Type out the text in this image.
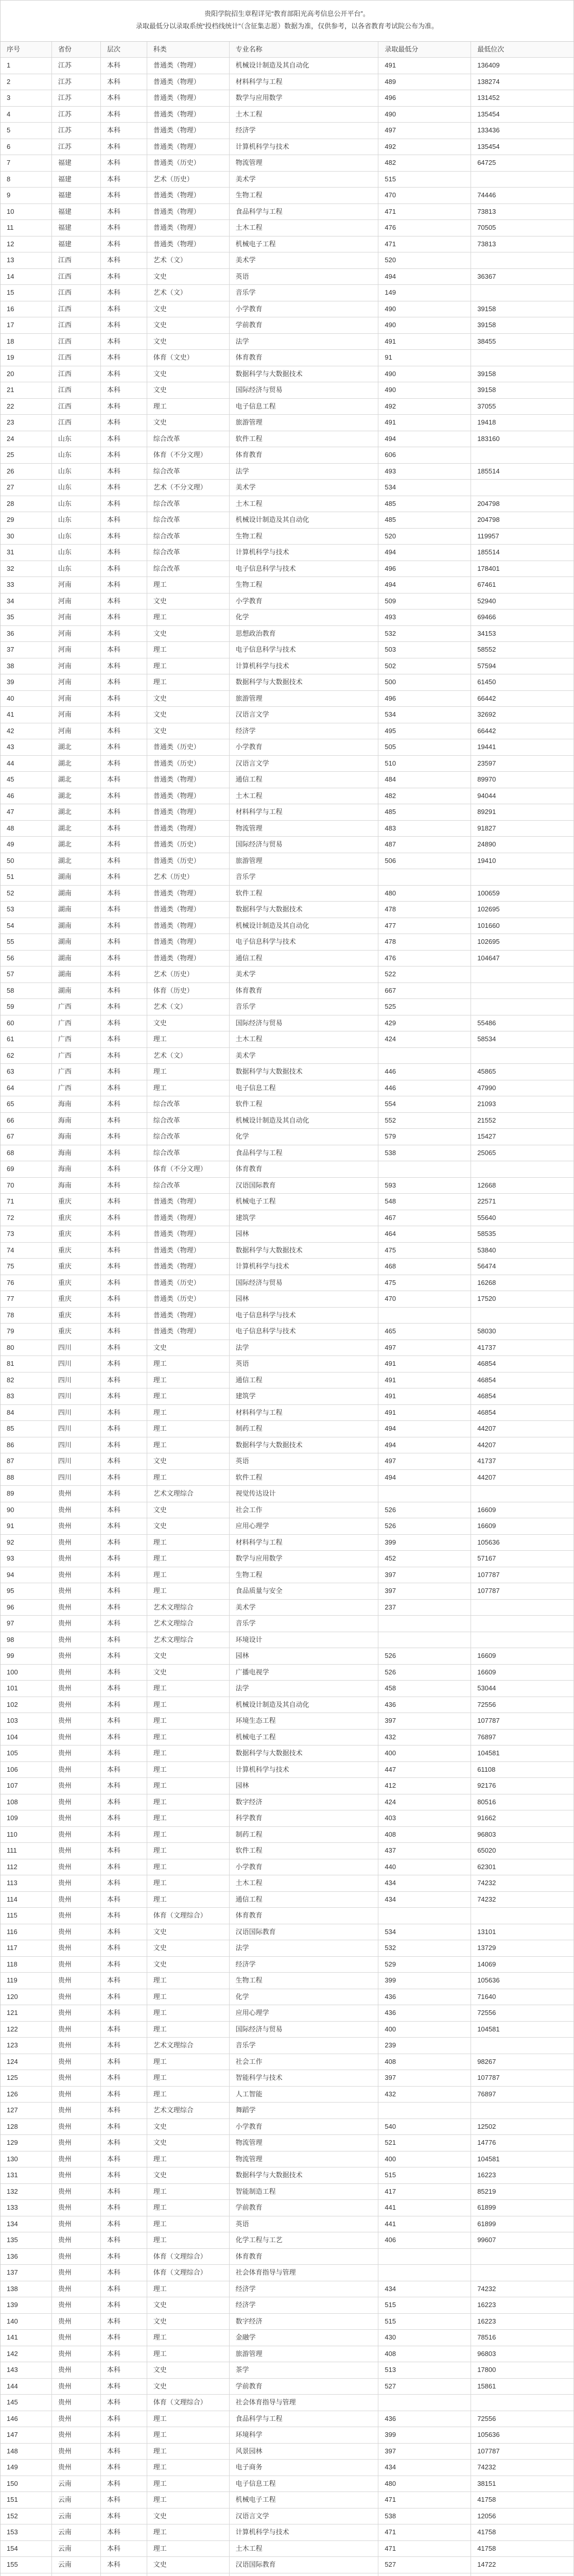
贵阳学院招生章程详见“教育部阳光高考信息公开平台”。
录取最低分以录取系统“投档线统计”（含征集志愿）数据为准，仅供参考，以各省教育考试院公布为准。
序号	省份	层次	科类	专业名称	录取最低分	最低位次
1	江苏	本科	普通类（物理）	机械设计制造及其自动化	491	136409
2	江苏	本科	普通类（物理）	材料科学与工程	489	138274
3	江苏	本科	普通类（物理）	数学与应用数学	496	131452
4	江苏	本科	普通类（物理）	土木工程	490	135454
5	江苏	本科	普通类（物理）	经济学	497	133436
6	江苏	本科	普通类（物理）	计算机科学与技术	492	135454
7	福建	本科	普通类（历史）	物流管理	482	64725
8	福建	本科	艺术（历史）	美术学	515
9	福建	本科	普通类（物理）	生物工程	470	74446
10	福建	本科	普通类（物理）	食品科学与工程	471	73813
11	福建	本科	普通类（物理）	土木工程	476	70505
12	福建	本科	普通类（物理）	机械电子工程	471	73813
13	江西	本科	艺术（文）	美术学	520
14	江西	本科	文史	英语	494	36367
15	江西	本科	艺术（文）	音乐学	149
16	江西	本科	文史	小学教育	490	39158
17	江西	本科	文史	学前教育	490	39158
18	江西	本科	文史	法学	491	38455
19	江西	本科	体育（文史）	体育教育	91
20	江西	本科	文史	数据科学与大数据技术	490	39158
21	江西	本科	文史	国际经济与贸易	490	39158
22	江西	本科	理工	电子信息工程	492	37055
23	江西	本科	文史	旅游管理	491	19418
24	山东	本科	综合改革	软件工程	494	183160
25	山东	本科	体育（不分文理）	体育教育	606
26	山东	本科	综合改革	法学	493	185514
27	山东	本科	艺术（不分文理）	美术学	534
28	山东	本科	综合改革	土木工程	485	204798
29	山东	本科	综合改革	机械设计制造及其自动化	485	204798
30	山东	本科	综合改革	生物工程	520	119957
31	山东	本科	综合改革	计算机科学与技术	494	185514
32	山东	本科	综合改革	电子信息科学与技术	496	178401
33	河南	本科	理工	生物工程	494	67461
34	河南	本科	文史	小学教育	509	52940
35	河南	本科	理工	化学	493	69466
36	河南	本科	文史	思想政治教育	532	34153
37	河南	本科	理工	电子信息科学与技术	503	58552
38	河南	本科	理工	计算机科学与技术	502	57594
39	河南	本科	理工	数据科学与大数据技术	500	61450
40	河南	本科	文史	旅游管理	496	66442
41	河南	本科	文史	汉语言文学	534	32692
42	河南	本科	文史	经济学	495	66442
43	湖北	本科	普通类（历史）	小学教育	505	19441
44	湖北	本科	普通类（历史）	汉语言文学	510	23597
45	湖北	本科	普通类（物理）	通信工程	484	89970
46	湖北	本科	普通类（物理）	土木工程	482	94044
47	湖北	本科	普通类（物理）	材料科学与工程	485	89291
48	湖北	本科	普通类（物理）	物流管理	483	91827
49	湖北	本科	普通类（历史）	国际经济与贸易	487	24890
50	湖北	本科	普通类（历史）	旅游管理	506	19410
51	湖南	本科	艺术（历史）	音乐学
52	湖南	本科	普通类（物理）	软件工程	480	100659
53	湖南	本科	普通类（物理）	数据科学与大数据技术	478	102695
54	湖南	本科	普通类（物理）	机械设计制造及其自动化	477	101660
55	湖南	本科	普通类（物理）	电子信息科学与技术	478	102695
56	湖南	本科	普通类（物理）	通信工程	476	104647
57	湖南	本科	艺术（历史）	美术学	522
58	湖南	本科	体育（历史）	体育教育	667
59	广西	本科	艺术（文）	音乐学	525
60	广西	本科	文史	国际经济与贸易	429	55486
61	广西	本科	理工	土木工程	424	58534
62	广西	本科	艺术（文）	美术学
63	广西	本科	理工	数据科学与大数据技术	446	45865
64	广西	本科	理工	电子信息工程	446	47990
65	海南	本科	综合改革	软件工程	554	21093
66	海南	本科	综合改革	机械设计制造及其自动化	552	21552
67	海南	本科	综合改革	化学	579	15427
68	海南	本科	综合改革	食品科学与工程	538	25065
69	海南	本科	体育（不分文理）	体育教育
70	海南	本科	综合改革	汉语国际教育	593	12668
71	重庆	本科	普通类（物理）	机械电子工程	548	22571
72	重庆	本科	普通类（物理）	建筑学	467	55640
73	重庆	本科	普通类（物理）	园林	464	58535
74	重庆	本科	普通类（物理）	数据科学与大数据技术	475	53840
75	重庆	本科	普通类（物理）	计算机科学与技术	468	56474
76	重庆	本科	普通类（历史）	国际经济与贸易	475	16268
77	重庆	本科	普通类（历史）	园林	470	17520
78	重庆	本科	普通类（物理）	电子信息科学与技术
79	重庆	本科	普通类（物理）	电子信息科学与技术	465	58030
80	四川	本科	文史	法学	497	41737
81	四川	本科	理工	英语	491	46854
82	四川	本科	理工	通信工程	491	46854
83	四川	本科	理工	建筑学	491	46854
84	四川	本科	理工	材料科学与工程	491	46854
85	四川	本科	理工	制药工程	494	44207
86	四川	本科	理工	数据科学与大数据技术	494	44207
87	四川	本科	文史	英语	497	41737
88	四川	本科	理工	软件工程	494	44207
89	贵州	本科	艺术文理综合	视觉传达设计
90	贵州	本科	文史	社会工作	526	16609
91	贵州	本科	文史	应用心理学	526	16609
92	贵州	本科	理工	材料科学与工程	399	105636
93	贵州	本科	理工	数学与应用数学	452	57167
94	贵州	本科	理工	生物工程	397	107787
95	贵州	本科	理工	食品质量与安全	397	107787
96	贵州	本科	艺术文理综合	美术学	237
97	贵州	本科	艺术文理综合	音乐学
98	贵州	本科	艺术文理综合	环境设计
99	贵州	本科	文史	园林	526	16609
100	贵州	本科	文史	广播电视学	526	16609
101	贵州	本科	理工	法学	458	53044
102	贵州	本科	理工	机械设计制造及其自动化	436	72556
103	贵州	本科	理工	环境生态工程	397	107787
104	贵州	本科	理工	机械电子工程	432	76897
105	贵州	本科	理工	数据科学与大数据技术	400	104581
106	贵州	本科	理工	计算机科学与技术	447	61108
107	贵州	本科	理工	园林	412	92176
108	贵州	本科	理工	数字经济	424	80516
109	贵州	本科	理工	科学教育	403	91662
110	贵州	本科	理工	制药工程	408	96803
111	贵州	本科	理工	软件工程	437	65020
112	贵州	本科	理工	小学教育	440	62301
113	贵州	本科	理工	土木工程	434	74232
114	贵州	本科	理工	通信工程	434	74232
115	贵州	本科	体育（文理综合）	体育教育
116	贵州	本科	文史	汉语国际教育	534	13101
117	贵州	本科	文史	法学	532	13729
118	贵州	本科	文史	经济学	529	14069
119	贵州	本科	理工	生物工程	399	105636
120	贵州	本科	理工	化学	436	71640
121	贵州	本科	理工	应用心理学	436	72556
122	贵州	本科	理工	国际经济与贸易	400	104581
123	贵州	本科	艺术文理综合	音乐学	239
124	贵州	本科	理工	社会工作	408	98267
125	贵州	本科	理工	智能科学与技术	397	107787
126	贵州	本科	理工	人工智能	432	76897
127	贵州	本科	艺术文理综合	舞蹈学
128	贵州	本科	文史	小学教育	540	12502
129	贵州	本科	文史	物流管理	521	14776
130	贵州	本科	理工	物流管理	400	104581
131	贵州	本科	文史	数据科学与大数据技术	515	16223
132	贵州	本科	理工	智能制造工程	417	85219
133	贵州	本科	理工	学前教育	441	61899
134	贵州	本科	理工	英语	441	61899
135	贵州	本科	理工	化学工程与工艺	406	99607
136	贵州	本科	体育（文理综合）	体育教育
137	贵州	本科	体育（文理综合）	社会体育指导与管理
138	贵州	本科	理工	经济学	434	74232
139	贵州	本科	文史	经济学	515	16223
140	贵州	本科	文史	数字经济	515	16223
141	贵州	本科	理工	金融学	430	78516
142	贵州	本科	理工	旅游管理	408	96803
143	贵州	本科	文史	茶学	513	17800
144	贵州	本科	文史	学前教育	527	15861
145	贵州	本科	体育（文理综合）	社会体育指导与管理
146	贵州	本科	理工	食品科学与工程	436	72556
147	贵州	本科	理工	环境科学	399	105636
148	贵州	本科	理工	风景园林	397	107787
149	贵州	本科	理工	电子商务	434	74232
150	云南	本科	理工	电子信息工程	480	38151
151	云南	本科	理工	机械电子工程	471	41758
152	云南	本科	文史	汉语言文学	538	12056
153	云南	本科	理工	计算机科学与技术	471	41758
154	云南	本科	理工	土木工程	471	41758
155	云南	本科	文史	汉语国际教育	527	14722
